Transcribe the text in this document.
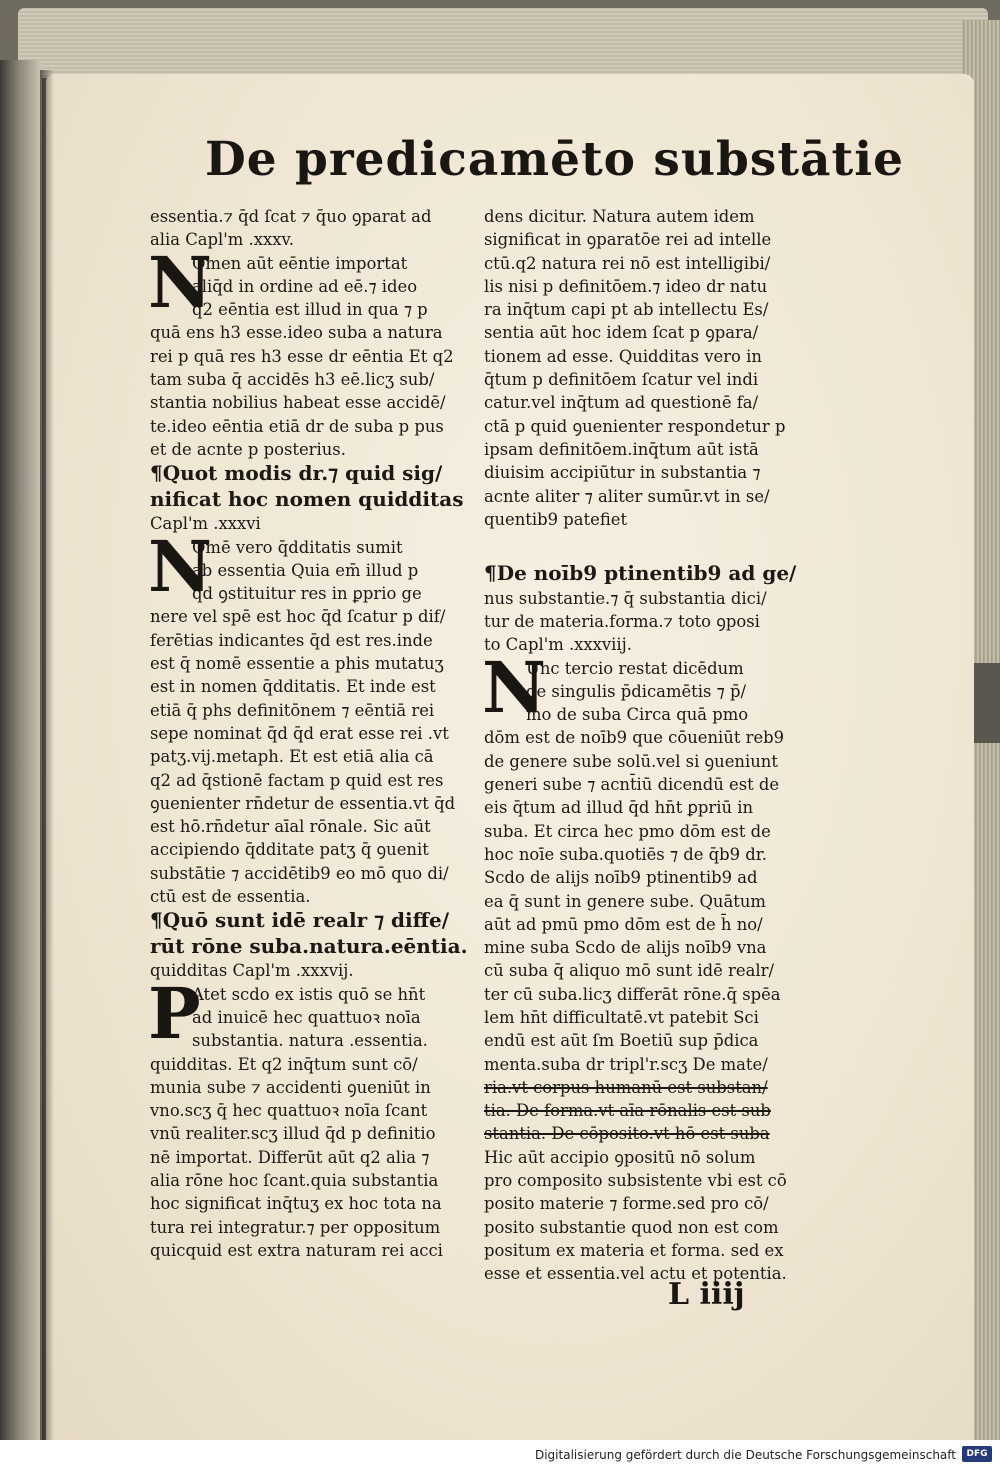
De predicamēto substātie
essentia.⁊ q̄d ſcat ⁊ q̄uo ꝯparat ad
alia Capl'm .xxxv.
N
Omen aūt eēntie importat
aliq̄d in ordine ad eē.⁊ ideo
q2 eēntia est illud in qua ⁊ p
quā ens h3 esse.ideo suba a natura
rei p quā res h3 esse dr eēntia Et q2
tam suba q̄ accidēs h3 eē.licʒ sub/
stantia nobilius habeat esse accidē/
te.ideo eēntia etiā dr de suba p pus
et de acnte p posterius.
¶Quot modis dr.⁊ quid sig/
nificat hoc nomen quidditas
Capl'm .xxxvi
N
Omē vero q̄dditatis sumit
ab essentia Quia em̄ illud p
q̄d ꝯstituitur res in ꝑprio ge
nere vel spē est hoc q̄d ſcatur p dif/
ferētias indicantes q̄d est res.inde
est q̄ nomē essentie a phis mutatuʒ
est in nomen q̄dditatis. Et inde est
etiā q̄ phs definitōnem ⁊ eēntiā rei
sepe nominat q̄d q̄d erat esse rei .vt
patʒ.vij.metaph. Et est etiā alia cā
q2 ad q̄stionē factam p quid est res
ꝯuenienter rn̄detur de essentia.vt q̄d
est hō.rn̄detur aīal rōnale. Sic aūt
accipiendo q̄dditate patʒ q̄ ꝯuenit
substātie ⁊ accidētib9 eo mō quo di/
ctū est de essentia.
¶Quō sunt idē realr ⁊ diffe/
rūt rōne suba.natura.eēntia.
quidditas Capl'm .xxxvij.
P
Atet scdo ex istis quō se hn̄t
ad inuicē hec quattuoꝛ noīa
substantia. natura .essentia.
quidditas. Et q2 inq̄tum sunt cō/
munia sube ⁊ accidenti ꝯueniūt in
vno.scʒ q̄ hec quattuoꝛ noīa ſcant
vnū realiter.scʒ illud q̄d p definitio
nē importat. Differūt aūt q2 alia ⁊
alia rōne hoc ſcant.quia substantia
hoc significat inq̄tuʒ ex hoc tota na
tura rei integratur.⁊ per oppositum
quicquid est extra naturam rei acci
dens dicitur. Natura autem idem
significat in ꝯparatōe rei ad intelle
ctū.q2 natura rei nō est intelligibi/
lis nisi p definitōem.⁊ ideo dr natu
ra inq̄tum capi pt ab intellectu Es/
sentia aūt hoc idem ſcat p ꝯpara/
tionem ad esse. Quidditas vero in
q̄tum p definitōem ſcatur vel indi
catur.vel inq̄tum ad questionē fa/
ctā p quid ꝯuenienter respondetur p
ipsam definitōem.inq̄tum aūt istā
diuisim accipiūtur in substantia ⁊
acnte aliter ⁊ aliter sumūr.vt in se/
quentib9 patefiet
¶De noīb9 ptinentib9 ad ge/
nus substantie.⁊ q̄ substantia dici/
tur de materia.forma.⁊ toto ꝯposi
to Capl'm .xxxviij.
N
Unc tercio restat dicēdum
de singulis p̄dicamētis ⁊ p̄/
mo de suba Circa quā pmo
dōm est de noīb9 que cōueniūt reb9
de genere sube solū.vel si ꝯueniunt
generi sube ⁊ acnt̄iū dicendū est de
eis q̄tum ad illud q̄d hn̄t ꝑpriū in
suba. Et circa hec pmo dōm est de
hoc noīe suba.quotiēs ⁊ de q̄b9 dr.
Scdo de alijs noīb9 ptinentib9 ad
ea q̄ sunt in genere sube. Quātum
aūt ad pmū pmo dōm est de h̄ no/
mine suba Scdo de alijs noīb9 vna
cū suba q̄ aliquo mō sunt idē realr/
ter cū suba.licʒ differāt rōne.q̄ spēa
lem hn̄t difficultatē.vt patebit Sci
endū est aūt ſm Boetiū sup p̄dica
menta.suba dr tripl'r.scʒ De mate/
ria.vt corpus humanū est substan/
tia. De forma.vt aīa rōnalis est sub
stantia. De cōposito.vt hō est suba
Hic aūt accipio ꝯpositū nō solum
pro composito subsistente vbi est cō
posito materie ⁊ forme.sed pro cō/
posito substantie quod non est com
positum ex materia et forma. sed ex
esse et essentia.vel actu et potentia.
L iiij
Digitalisierung gefördert durch die Deutsche Forschungsgemeinschaft	DFG
